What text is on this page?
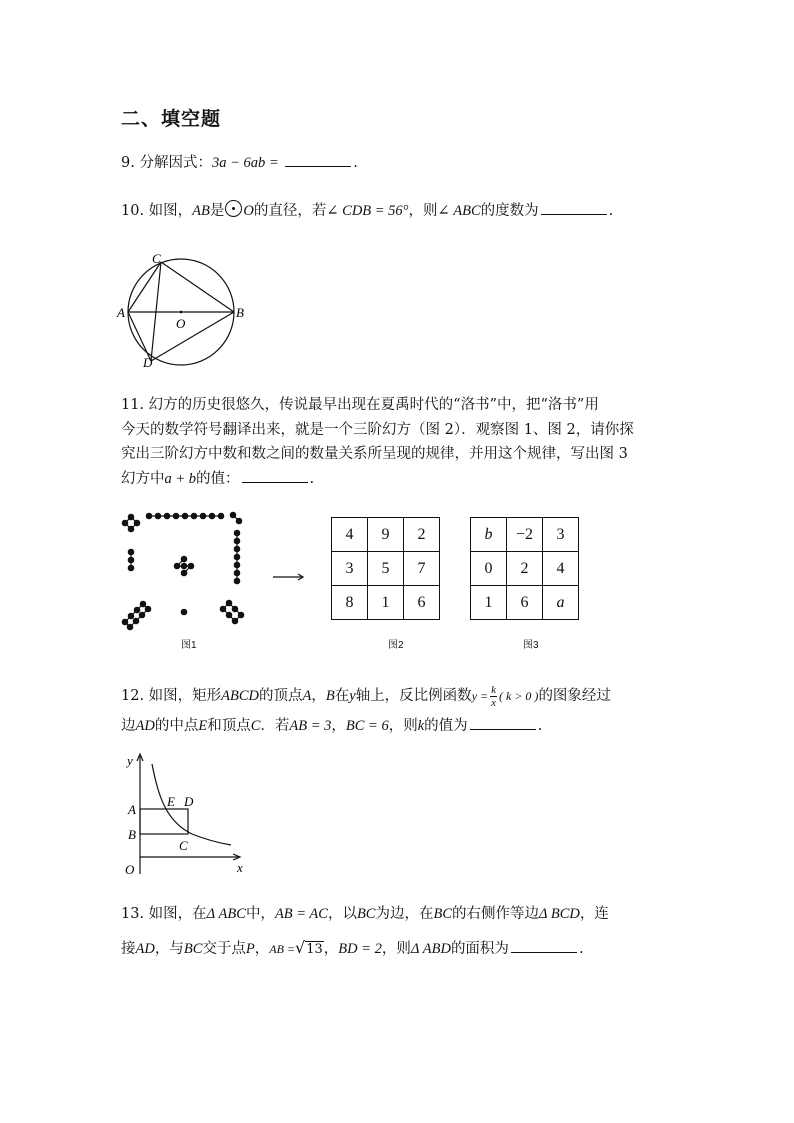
二、填空题
9. 分解因式：3a − 6ab =	.
10. 如图，AB是 O的直径，若∠ CDB = 56°，则∠ ABC的度数为	.
A	B
C
D
O
11. 幻方的历史很悠久，传说最早出现在夏禹时代的“洛书”中，把“洛书”用
今天的数学符号翻译出来，就是一个三阶幻方（图 2）．观察图 1、图 2，请你探
究出三阶幻方中数和数之间的数量关系所呈现的规律，并用这个规律，写出图 3
幻方中a + b的值：	.
图1
4	9	2
3	5	7
8	1	6
图2
b	−2	3
0	2	4
1	6	a
图3
12. 如图，矩形ABCD的顶点A，B在y轴上，反比例函数$y = \frac{k}{x}$ ( k > 0 )的图象经过
边AD的中点E和顶点C．若AB = 3，BC = 6，则k的值为	.
y
x
O
A
B
C
D
E
13. 如图，在Δ ABC中，AB = AC，以BC为边，在BC的右侧作等边Δ BCD，连
接AD，与BC交于点P，AB =√13，BD = 2，则Δ ABD的面积为	.
